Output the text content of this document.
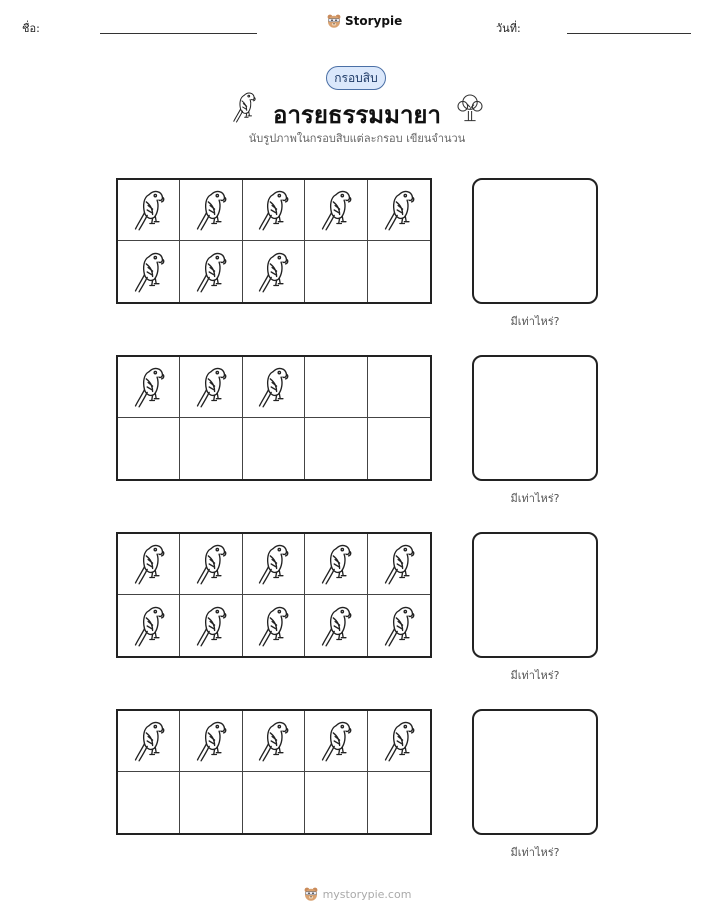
ชื่อ:
Storypie
วันที่:
กรอบสิบ
อารยธรรมมายา
นับรูปภาพในกรอบสิบแต่ละกรอบ เขียนจำนวน
มีเท่าไหร่?
มีเท่าไหร่?
มีเท่าไหร่?
มีเท่าไหร่?
mystorypie.com
